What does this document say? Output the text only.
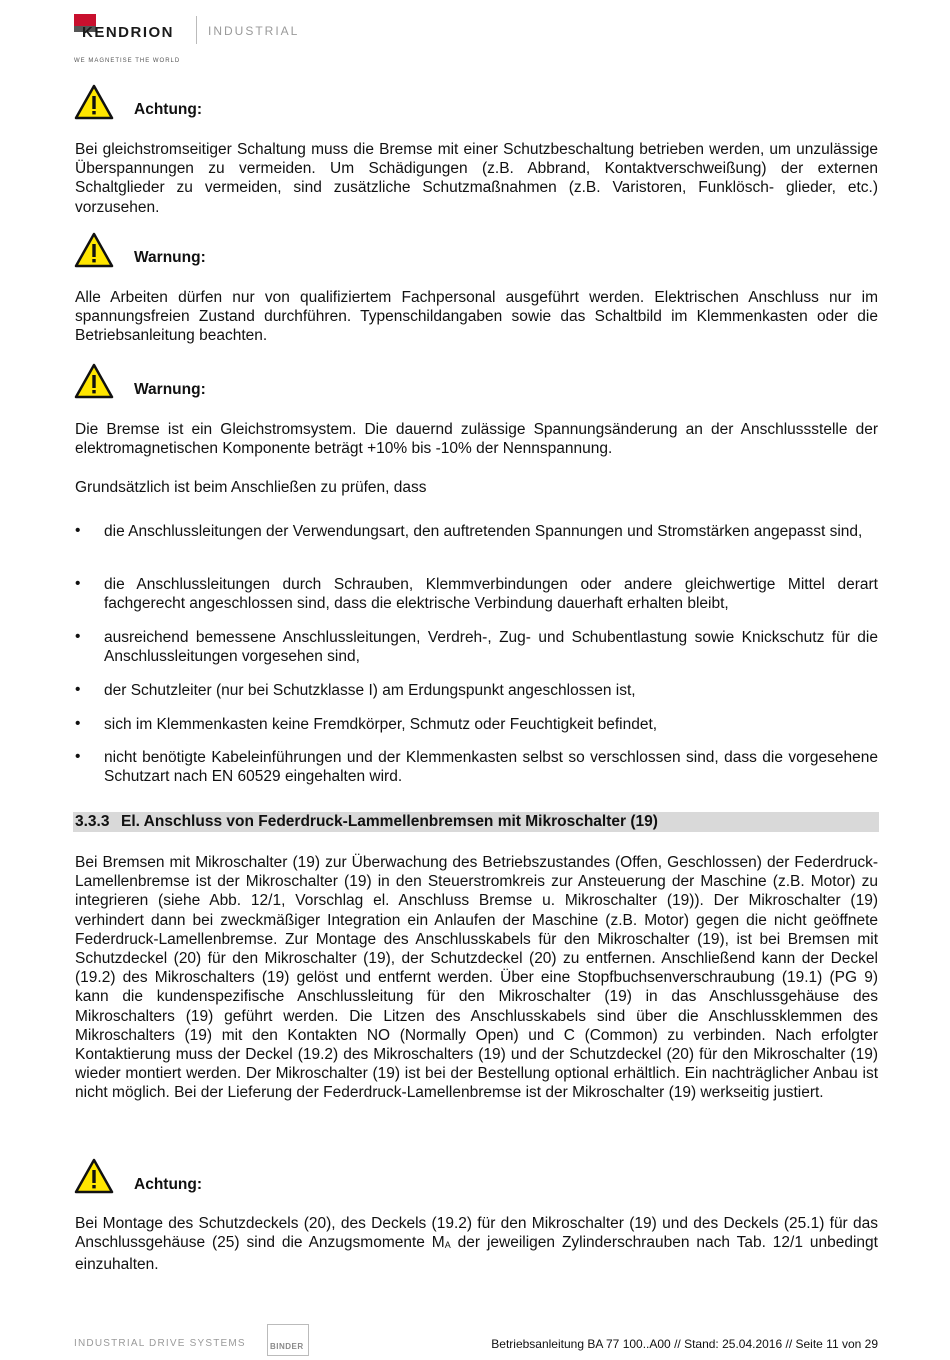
KENDRION	INDUSTRIAL
WE MAGNETISE THE WORLD
Achtung:

Bei gleichstromseitiger Schaltung muss die Bremse mit einer Schutzbeschaltung betrieben werden, um unzulässige Überspannungen zu vermeiden. Um Schädigungen (z.B. Abbrand, Kontaktverschweißung) der externen Schaltglieder zu vermeiden, sind zusätzliche Schutzmaßnahmen (z.B. Varistoren, Funklösch- glieder, etc.) vorzusehen.

Warnung:

Alle Arbeiten dürfen nur von qualifiziertem Fachpersonal ausgeführt werden. Elektrischen Anschluss nur im spannungsfreien Zustand durchführen. Typenschildangaben sowie das Schaltbild im Klemmenkasten oder die Betriebsanleitung beachten.

Warnung:

Die Bremse ist ein Gleichstromsystem. Die dauernd zulässige Spannungsänderung an der Anschlussstelle der elektromagnetischen Komponente beträgt +10% bis -10% der Nennspannung.

Grundsätzlich ist beim Anschließen zu prüfen, dass

• die Anschlussleitungen der Verwendungsart, den auftretenden Spannungen und Stromstärken angepasst sind,

• die Anschlussleitungen durch Schrauben, Klemmverbindungen oder andere gleichwertige Mittel derart fachgerecht angeschlossen sind, dass die elektrische Verbindung dauerhaft erhalten bleibt,

• ausreichend bemessene Anschlussleitungen, Verdreh-, Zug- und Schubentlastung sowie Knickschutz für die Anschlussleitungen vorgesehen sind,

• der Schutzleiter (nur bei Schutzklasse I) am Erdungspunkt angeschlossen ist,

• sich im Klemmenkasten keine Fremdkörper, Schmutz oder Feuchtigkeit befindet,

• nicht benötigte Kabeleinführungen und der Klemmenkasten selbst so verschlossen sind, dass die vorgesehene Schutzart nach EN 60529 eingehalten wird.

3.3.3 El. Anschluss von Federdruck-Lammellenbremsen mit Mikroschalter (19)

Bei Bremsen mit Mikroschalter (19) zur Überwachung des Betriebszustandes (Offen, Geschlossen) der Federdruck-Lamellenbremse ist der Mikroschalter (19) in den Steuerstromkreis zur Ansteuerung der Maschine (z.B. Motor) zu integrieren (siehe Abb. 12/1, Vorschlag el. Anschluss Bremse u. Mikroschalter (19)). Der Mikroschalter (19) verhindert dann bei zweckmäßiger Integration ein Anlaufen der Maschine (z.B. Motor) gegen die nicht geöffnete Federdruck-Lamellenbremse. Zur Montage des Anschlusskabels für den Mikroschalter (19), ist bei Bremsen mit Schutzdeckel (20) für den Mikroschalter (19), der Schutzdeckel (20) zu entfernen. Anschließend kann der Deckel (19.2) des Mikroschalters (19) gelöst und entfernt werden. Über eine Stopfbuchsenverschraubung (19.1) (PG 9) kann die kundenspezifische Anschlussleitung für den Mikroschalter (19) in das Anschlussgehäuse des Mikroschalters (19) geführt werden. Die Litzen des Anschlusskabels sind über die Anschlussklemmen des Mikroschalters (19) mit den Kontakten NO (Normally Open) und C (Common) zu verbinden. Nach erfolgter Kontaktierung muss der Deckel (19.2) des Mikroschalters (19) und der Schutzdeckel (20) für den Mikroschalter (19) wieder montiert werden. Der Mikroschalter (19) ist bei der Bestellung optional erhältlich. Ein nachträglicher Anbau ist nicht möglich. Bei der Lieferung der Federdruck-Lamellenbremse ist der Mikroschalter (19) werkseitig justiert.

Achtung:

Bei Montage des Schutzdeckels (20), des Deckels (19.2) für den Mikroschalter (19) und des Deckels (25.1) für das Anschlussgehäuse (25) sind die Anzugsmomente $M_A$ der jeweiligen Zylinderschrauben nach Tab. 12/1 unbedingt einzuhalten.

INDUSTRIAL DRIVE SYSTEMS	BINDER	Betriebsanleitung BA 77 100..A00 // Stand: 25.04.2016 // Seite 11 von 29
